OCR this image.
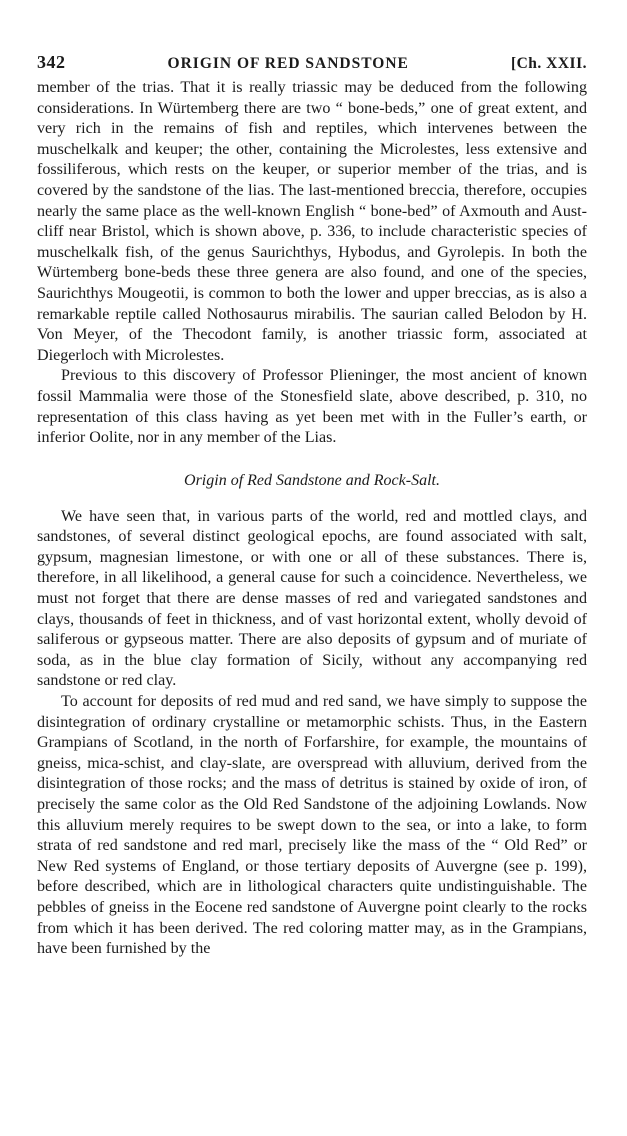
342	ORIGIN OF RED SANDSTONE	[Ch. XXII.

member of the trias. That it is really triassic may be deduced from the following considerations. In Würtemberg there are two “ bone-beds,” one of great extent, and very rich in the remains of fish and reptiles, which intervenes between the muschelkalk and keuper; the other, containing the Microlestes, less extensive and fossiliferous, which rests on the keuper, or superior member of the trias, and is covered by the sandstone of the lias. The last-mentioned breccia, therefore, occupies nearly the same place as the well-known English “ bone-bed” of Axmouth and Aust-cliff near Bristol, which is shown above, p. 336, to include characteristic species of muschelkalk fish, of the genus Saurichthys, Hybodus, and Gyrolepis. In both the Würtemberg bone-beds these three genera are also found, and one of the species, Saurichthys Mougeotii, is common to both the lower and upper breccias, as is also a remarkable reptile called Nothosaurus mirabilis. The saurian called Belodon by H. Von Meyer, of the Thecodont family, is another triassic form, associated at Diegerloch with Microlestes.

Previous to this discovery of Professor Plieninger, the most ancient of known fossil Mammalia were those of the Stonesfield slate, above described, p. 310, no representation of this class having as yet been met with in the Fuller’s earth, or inferior Oolite, nor in any member of the Lias.

Origin of Red Sandstone and Rock-Salt.

We have seen that, in various parts of the world, red and mottled clays, and sandstones, of several distinct geological epochs, are found associated with salt, gypsum, magnesian limestone, or with one or all of these substances. There is, therefore, in all likelihood, a general cause for such a coincidence. Nevertheless, we must not forget that there are dense masses of red and variegated sandstones and clays, thousands of feet in thickness, and of vast horizontal extent, wholly devoid of saliferous or gypseous matter. There are also deposits of gypsum and of muriate of soda, as in the blue clay formation of Sicily, without any accompanying red sandstone or red clay.

To account for deposits of red mud and red sand, we have simply to suppose the disintegration of ordinary crystalline or metamorphic schists. Thus, in the Eastern Grampians of Scotland, in the north of Forfarshire, for example, the mountains of gneiss, mica-schist, and clay-slate, are overspread with alluvium, derived from the disintegration of those rocks; and the mass of detritus is stained by oxide of iron, of precisely the same color as the Old Red Sandstone of the adjoining Lowlands. Now this alluvium merely requires to be swept down to the sea, or into a lake, to form strata of red sandstone and red marl, precisely like the mass of the “ Old Red” or New Red systems of England, or those tertiary deposits of Auvergne (see p. 199), before described, which are in lithological characters quite undistinguishable. The pebbles of gneiss in the Eocene red sandstone of Auvergne point clearly to the rocks from which it has been derived. The red coloring matter may, as in the Grampians, have been furnished by the
